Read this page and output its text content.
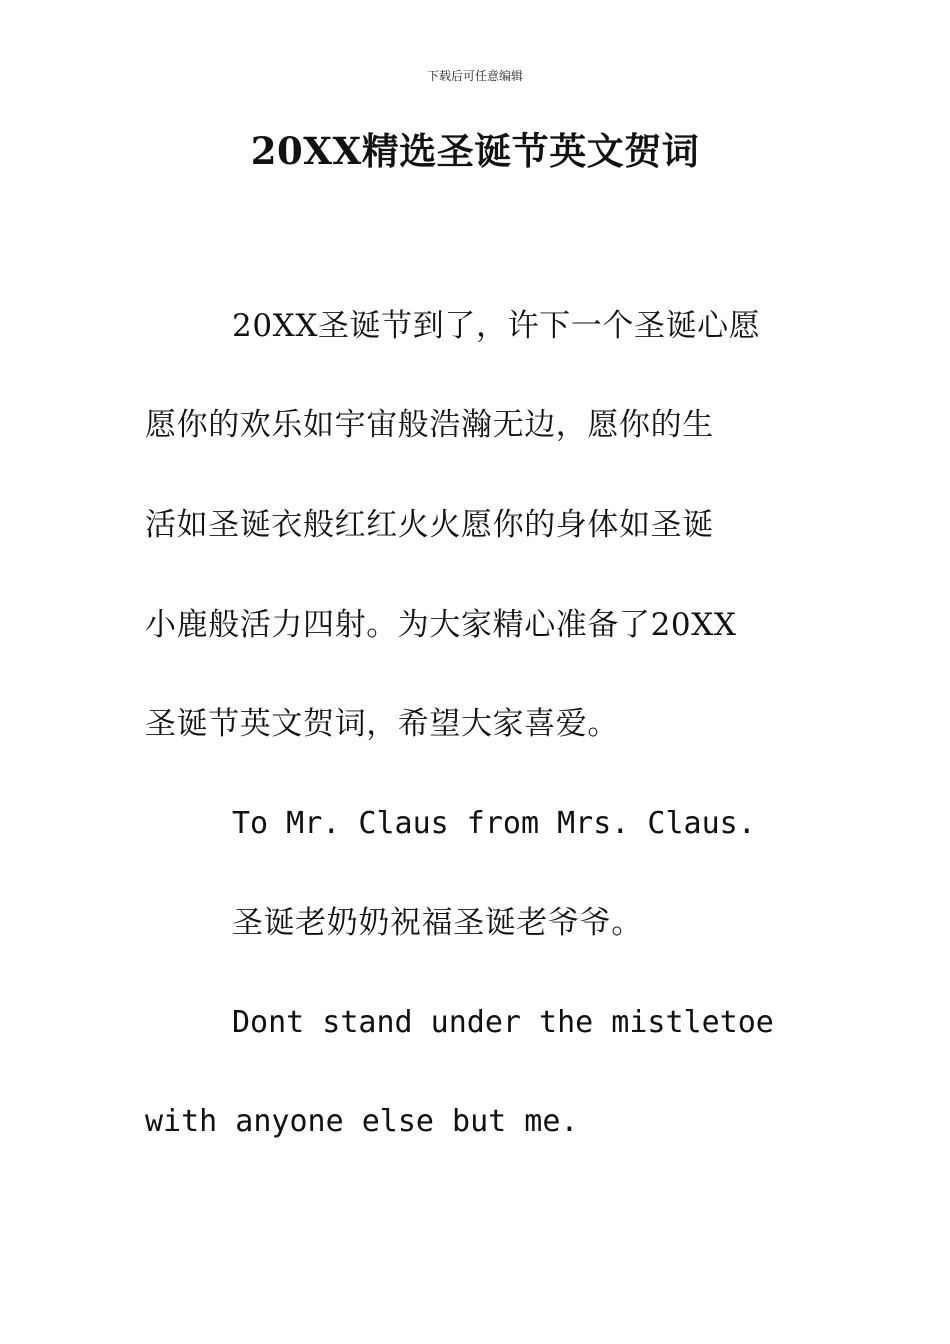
下载后可任意编辑
20XX精选圣诞节英文贺词
20XX圣诞节到了，许下一个圣诞心愿
愿你的欢乐如宇宙般浩瀚无边，愿你的生
活如圣诞衣般红红火火愿你的身体如圣诞
小鹿般活力四射。为大家精心准备了20XX
圣诞节英文贺词，希望大家喜爱。
To Mr. Claus from Mrs. Claus.
圣诞老奶奶祝福圣诞老爷爷。
Dont stand under the mistletoe
with anyone else but me.
